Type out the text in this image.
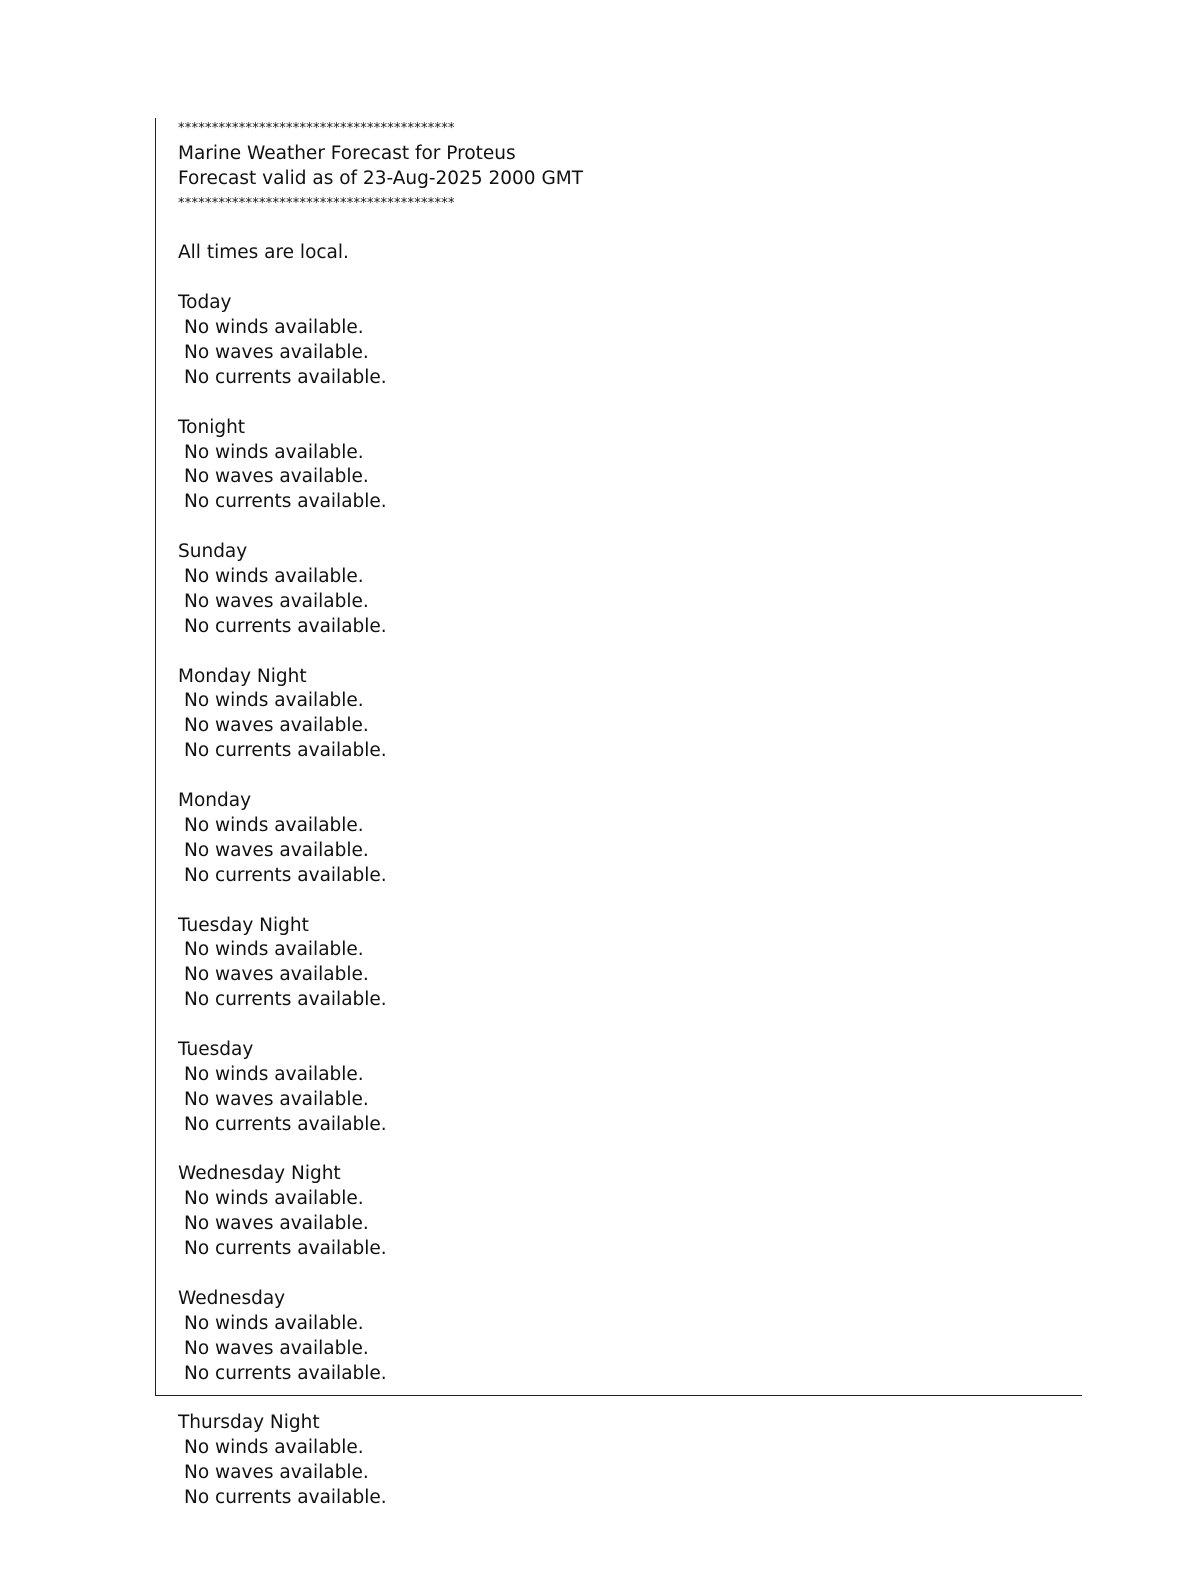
*****************************************
Marine Weather Forecast for Proteus
Forecast valid as of 23-Aug-2025 2000 GMT
*****************************************
All times are local.
Today
No winds available.
No waves available.
No currents available.
Tonight
No winds available.
No waves available.
No currents available.
Sunday
No winds available.
No waves available.
No currents available.
Monday Night
No winds available.
No waves available.
No currents available.
Monday
No winds available.
No waves available.
No currents available.
Tuesday Night
No winds available.
No waves available.
No currents available.
Tuesday
No winds available.
No waves available.
No currents available.
Wednesday Night
No winds available.
No waves available.
No currents available.
Wednesday
No winds available.
No waves available.
No currents available.
Thursday Night
No winds available.
No waves available.
No currents available.
